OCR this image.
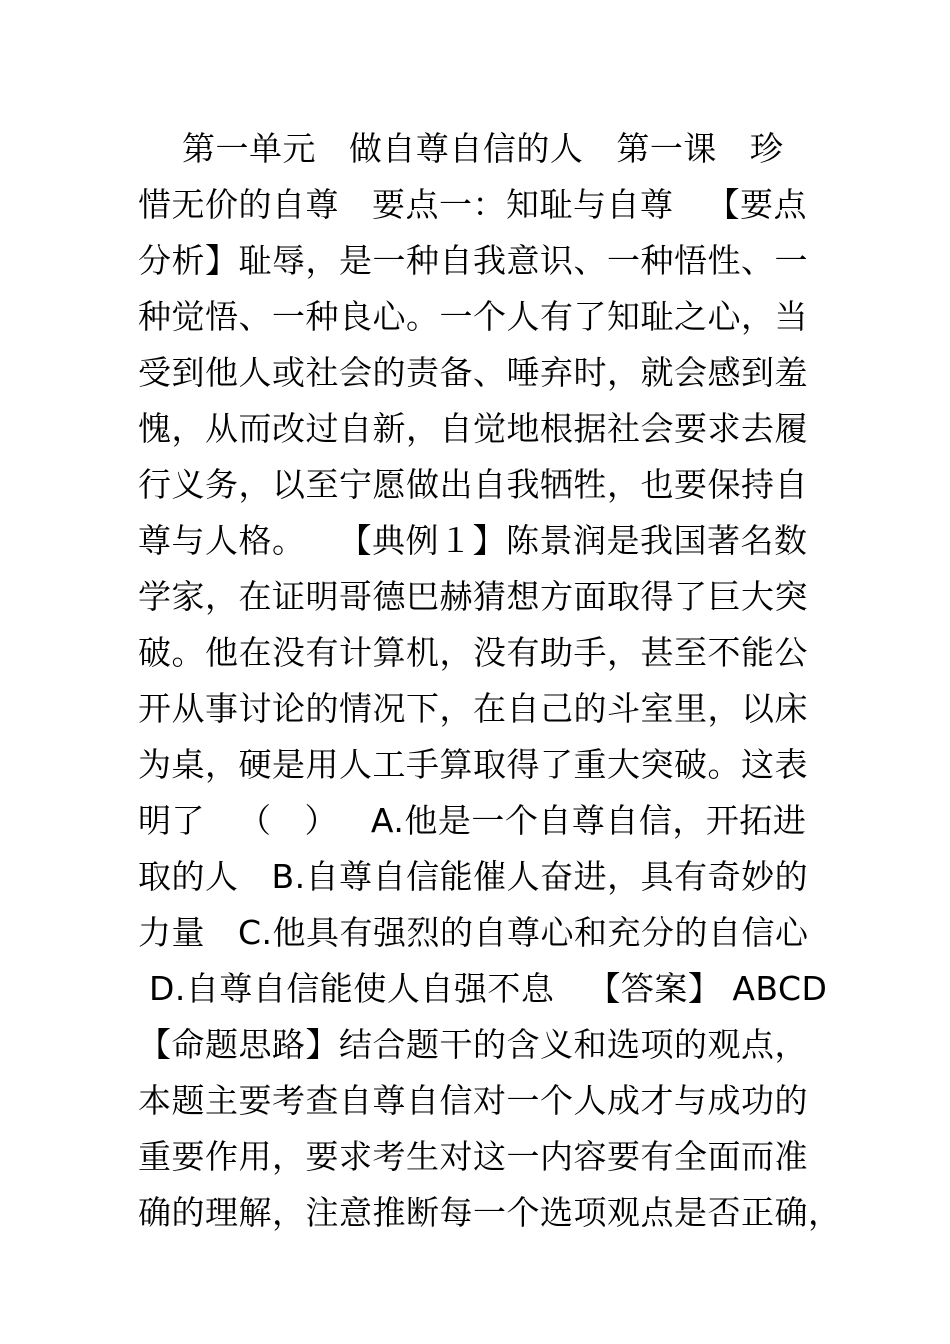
第一单元   做自尊自信的人   第一课   珍
惜无价的自尊   要点一：知耻与自尊   【要点
分析】耻辱，是一种自我意识、一种悟性、一
种觉悟、一种良心。一个人有了知耻之心，当
受到他人或社会的责备、唾弃时，就会感到羞
愧，从而改过自新，自觉地根据社会要求去履
行义务，以至宁愿做出自我牺牲，也要保持自
尊与人格。   【典例１】陈景润是我国著名数
学家，在证明哥德巴赫猜想方面取得了巨大突
破。他在没有计算机，没有助手，甚至不能公
开从事讨论的情况下，在自己的斗室里，以床
为桌，硬是用人工手算取得了重大突破。这表
明了   （   ）   A.他是一个自尊自信，开拓进
取的人   B.自尊自信能催人奋进，具有奇妙的
力量   C.他具有强烈的自尊心和充分的自信心
D.自尊自信能使人自强不息   【答案】 ABCD
【命题思路】结合题干的含义和选项的观点，
本题主要考查自尊自信对一个人成才与成功的
重要作用，要求考生对这一内容要有全面而准
确的理解，注意推断每一个选项观点是否正确，
